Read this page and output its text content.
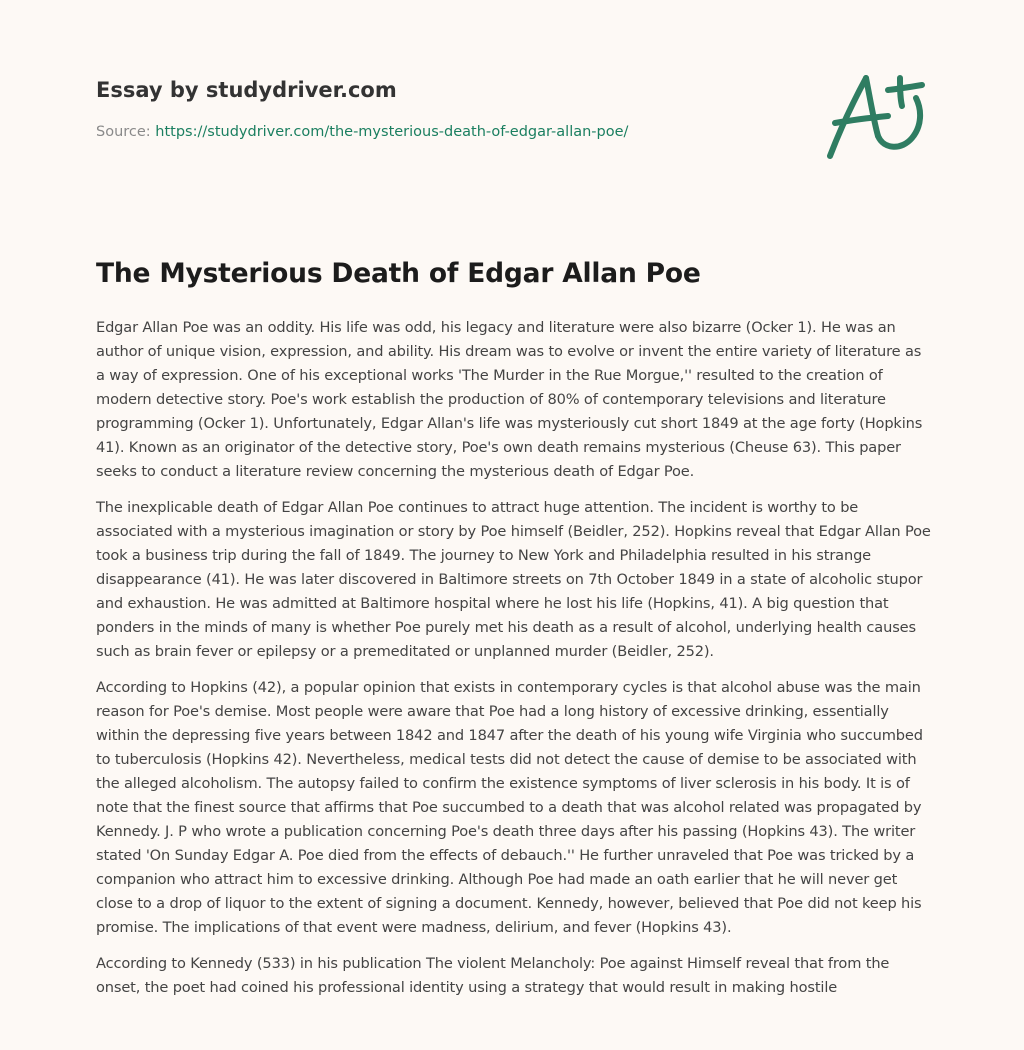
Essay by studydriver.com
Source: https://studydriver.com/the-mysterious-death-of-edgar-allan-poe/
The Mysterious Death of Edgar Allan Poe

Edgar Allan Poe was an oddity. His life was odd, his legacy and literature were also bizarre (Ocker 1). He was an author of unique vision, expression, and ability. His dream was to evolve or invent the entire variety of literature as a way of expression. One of his exceptional works 'The Murder in the Rue Morgue,'' resulted to the creation of modern detective story. Poe's work establish the production of 80% of contemporary televisions and literature programming (Ocker 1). Unfortunately, Edgar Allan's life was mysteriously cut short 1849 at the age forty (Hopkins 41). Known as an originator of the detective story, Poe's own death remains mysterious (Cheuse 63). This paper seeks to conduct a literature review concerning the mysterious death of Edgar Poe.

The inexplicable death of Edgar Allan Poe continues to attract huge attention. The incident is worthy to be associated with a mysterious imagination or story by Poe himself (Beidler, 252). Hopkins reveal that Edgar Allan Poe took a business trip during the fall of 1849. The journey to New York and Philadelphia resulted in his strange disappearance (41). He was later discovered in Baltimore streets on 7th October 1849 in a state of alcoholic stupor and exhaustion. He was admitted at Baltimore hospital where he lost his life (Hopkins, 41). A big question that ponders in the minds of many is whether Poe purely met his death as a result of alcohol, underlying health causes such as brain fever or epilepsy or a premeditated or unplanned murder (Beidler, 252).

According to Hopkins (42), a popular opinion that exists in contemporary cycles is that alcohol abuse was the main reason for Poe's demise. Most people were aware that Poe had a long history of excessive drinking, essentially within the depressing five years between 1842 and 1847 after the death of his young wife Virginia who succumbed to tuberculosis (Hopkins 42). Nevertheless, medical tests did not detect the cause of demise to be associated with the alleged alcoholism. The autopsy failed to confirm the existence symptoms of liver sclerosis in his body. It is of note that the finest source that affirms that Poe succumbed to a death that was alcohol related was propagated by Kennedy. J. P who wrote a publication concerning Poe's death three days after his passing (Hopkins 43). The writer stated 'On Sunday Edgar A. Poe died from the effects of debauch.'' He further unraveled that Poe was tricked by a companion who attract him to excessive drinking. Although Poe had made an oath earlier that he will never get close to a drop of liquor to the extent of signing a document. Kennedy, however, believed that Poe did not keep his promise. The implications of that event were madness, delirium, and fever (Hopkins 43).

According to Kennedy (533) in his publication The violent Melancholy: Poe against Himself reveal that from the onset, the poet had coined his professional identity using a strategy that would result in making hostile
